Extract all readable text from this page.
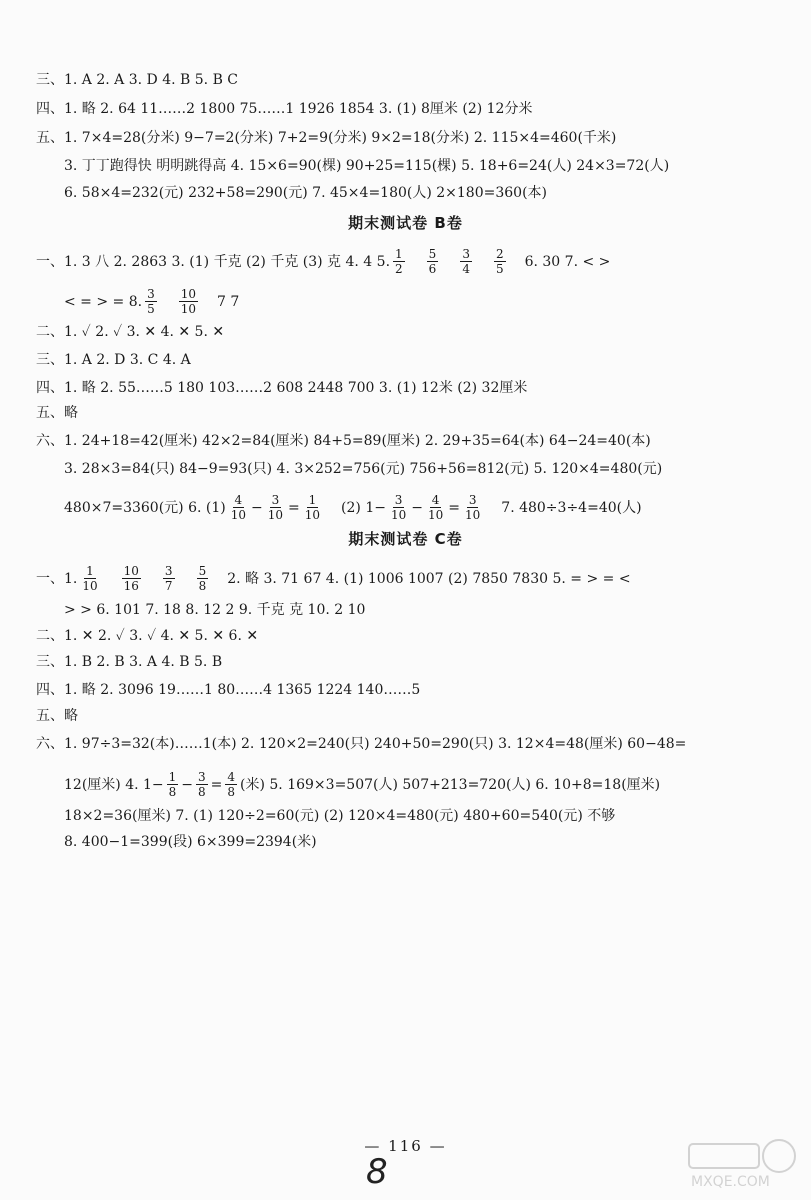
三、1. A 2. A 3. D 4. B 5. B C
四、1. 略 2. 64 11……2 1800 75……1 1926 1854 3. (1) 8厘米 (2) 12分米
五、1. 7×4=28(分米) 9−7=2(分米) 7+2=9(分米) 9×2=18(分米) 2. 115×4=460(千米)
3. 丁丁跑得快 明明跳得高 4. 15×6=90(棵) 90+25=115(棵) 5. 18+6=24(人) 24×3=72(人)
6. 58×4=232(元) 232+58=290(元) 7. 45×4=180(人) 2×180=360(本)
期末测试卷 B卷
一、1. 3 八 2. 2863 3. (1) 千克 (2) 千克 (3) 克 4. 4 5. $\frac{1}{2} \frac{5}{6} \frac{3}{4} \frac{2}{5} 6$. 30 7. < >
< = > = 8. $\frac{3}{5} \frac{10}{10} 7$ 7
二、1. ✓ 2. ✓ 3. ✕ 4. ✕ 5. ✕
三、1. A 2. D 3. C 4. A
四、1. 略 2. 55……5 180 103……2 608 2448 700 3. (1) 12米 (2) 32厘米
五、略
六、1. 24+18=42(厘米) 42×2=84(厘米) 84+5=89(厘米) 2. 29+35=64(本) 64−24=40(本)
3. 28×3=84(只) 84−9=93(只) 4. 3×252=756(元) 756+56=812(元) 5. 120×4=480(元)
480×7=3360(元) 6. $(1) \frac{4}{10} - \frac{3}{10} = \frac{1}{10} (2)$ $1- \frac{3}{10} - \frac{4}{10} = \frac{3}{10} 7$. 480÷3÷4=40(人)
期末测试卷 C卷
一、1. $\frac{1}{10} \frac{10}{16} \frac{3}{7} \frac{5}{8} 2$. 略 3. 71 67 4. (1) 1006 1007 (2) 7850 7830 5. = > = <
> > 6. 101 7. 18 8. 12 2 9. 千克 克 10. 2 10
二、1. ✕ 2. ✓ 3. ✓ 4. ✕ 5. ✕ 6. ✕
三、1. B 2. B 3. A 4. B 5. B
四、1. 略 2. 3096 19……1 80……4 1365 1224 140……5
五、略
六、1. 97÷3=32(本)……1(本) 2. 120×2=240(只) 240+50=290(只) 3. 12×4=48(厘米) 60−48=
12(厘米) 4. $1- \frac{1}{8} - \frac{3}{8} = \frac{4}{8}$ (米) 5. 169×3=507(人) 507+213=720(人) 6. 10+8=18(厘米)
18×2=36(厘米) 7. (1) 120÷2=60(元) (2) 120×4=480(元) 480+60=540(元) 不够
8. 400−1=399(段) 6×399=2394(米)
— 116 —
8	MXQE.COM
